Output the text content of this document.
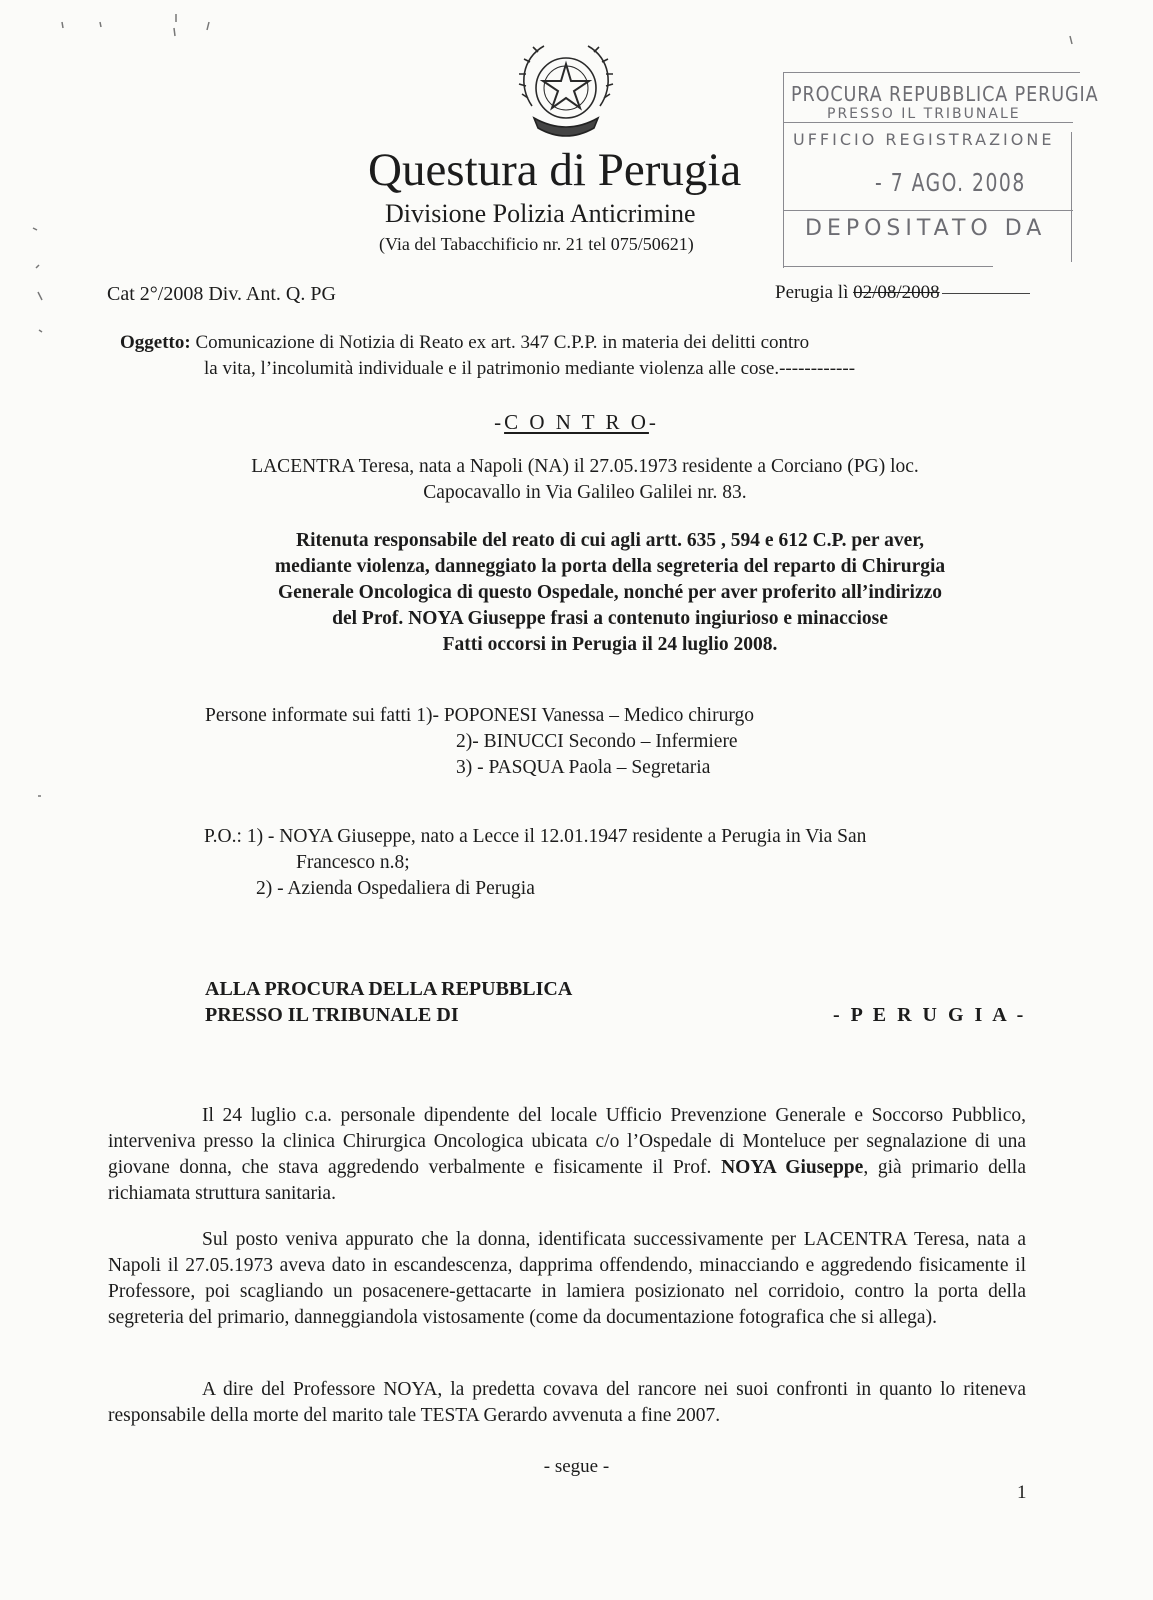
Questura di Perugia
Divisione Polizia Anticrimine
(Via del Tabacchificio nr. 21 tel 075/50621)
PROCURA REPUBBLICA PERUGIA
PRESSO IL TRIBUNALE
UFFICIO REGISTRAZIONE
- 7 AGO. 2008
DEPOSITATO DA
Cat 2°/2008 Div. Ant. Q. PG	Perugia lì 02/08/2008
Oggetto: Comunicazione di Notizia di Reato ex art. 347 C.P.P. in materia dei delitti contro
la vita, l’incolumità individuale e il patrimonio mediante violenza alle cose.------------
-C O N T R O-
LACENTRA Teresa, nata a Napoli (NA) il 27.05.1973 residente a Corciano (PG) loc.
Capocavallo in Via Galileo Galilei nr. 83.
Ritenuta responsabile del reato di cui agli artt. 635 , 594 e 612 C.P. per aver,
mediante violenza, danneggiato la porta della segreteria del reparto di Chirurgia
Generale Oncologica di questo Ospedale, nonché per aver proferito all’indirizzo
del Prof. NOYA Giuseppe frasi a contenuto ingiurioso e minacciose
Fatti occorsi in Perugia il 24 luglio 2008.
Persone informate sui fatti 1)- POPONESI Vanessa – Medico chirurgo
2)- BINUCCI Secondo – Infermiere
3) - PASQUA Paola – Segretaria
P.O.: 1) - NOYA Giuseppe, nato a Lecce il 12.01.1947 residente a Perugia in Via San
Francesco n.8;
2) - Azienda Ospedaliera di Perugia
ALLA PROCURA DELLA REPUBBLICA
PRESSO IL TRIBUNALE DI	- P E R U G I A -
Il 24 luglio c.a. personale dipendente del locale Ufficio Prevenzione Generale e Soccorso Pubblico, interveniva presso la clinica Chirurgica Oncologica ubicata c/o l’Ospedale di Monteluce per segnalazione di una giovane donna, che stava aggredendo verbalmente e fisicamente il Prof. NOYA Giuseppe, già primario della richiamata struttura sanitaria.
Sul posto veniva appurato che la donna, identificata successivamente per LACENTRA Teresa, nata a Napoli il 27.05.1973 aveva dato in escandescenza, dapprima offendendo, minacciando e aggredendo fisicamente il Professore, poi scagliando un posacenere-gettacarte in lamiera posizionato nel corridoio, contro la porta della segreteria del primario, danneggiandola vistosamente (come da documentazione fotografica che si allega).
A dire del Professore NOYA, la predetta covava del rancore nei suoi confronti in quanto lo riteneva responsabile della morte del marito tale TESTA Gerardo avvenuta a fine 2007.
- segue -
1
